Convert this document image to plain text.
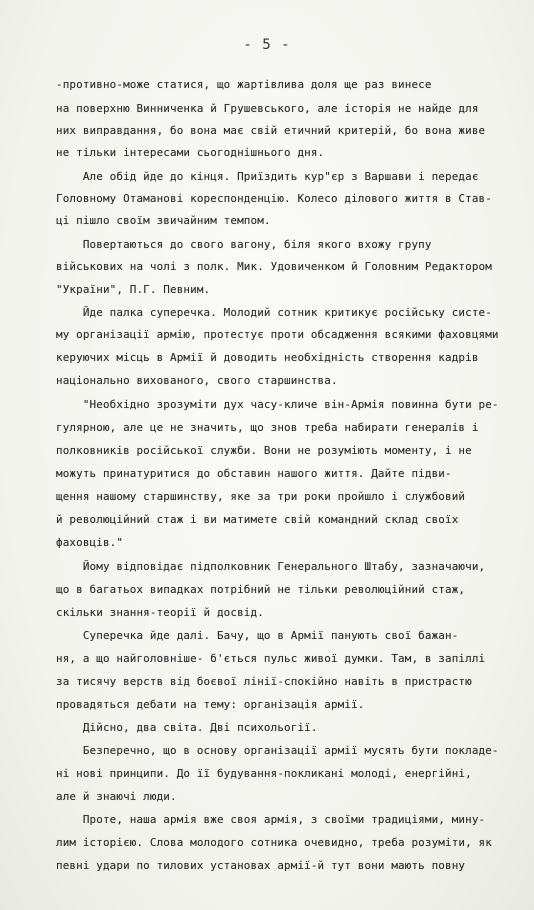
- 5 -
-противно-може статися, що жартівлива доля ще раз винесе
на поверхню Винниченка й Грушевського, але історія не найде для
них виправдання, бо вона має свій етичний критерій, бо вона живе
не тільки інтересами сьогоднішнього дня.
Але обід йде до кінця. Приїздить кур"єр з Варшави і передає
Головному Отаманові кореспонденцію. Колесо ділового життя в Став-
ці пішло своїм звичайним темпом.
Повертаються до свого вагону, біля якого вхожу групу
військових на чолі з полк. Мик. Удовиченком й Головним Редактором
"України", П.Г. Певним.
Йде палка суперечка. Молодий сотник критикує російську систе-
му організації армію, протестує проти обсадження всякими фаховцями
керуючих місць в Армії й доводить необхідність створення кадрів
національно вихованого, свого старшинства.
"Необхідно зрозуміти дух часу-кличе він-Армія повинна бути ре-
гулярною, але це не значить, що знов треба набирати генералів і
полковників російської служби. Вони не розуміють моменту, і не
можуть принатуритися до обставин нашого життя. Дайте підви-
щення нашому старшинству, яке за три роки пройшло і службовий
й революційний стаж і ви матимете свій командний склад своїх
фаховців."
Йому відповідає підполковник Генерального Штабу, зазначаючи,
що в багатьох випадках потрібний не тільки революційний стаж,
скільки знання-теорії й досвід.
Суперечка йде далі. Бачу, що в Армії панують свої бажан-
ня, а що найголовніше- б'ється пульс живої думки. Там, в запіллі
за тисячу верств від боєвої лінії-спокійно навіть в пристрастю
провадяться дебати на тему: організація армії.
Дійсно, два світа. Дві психольогії.
Безперечно, що в основу організації армії мусять бути покладе-
ні нові принципи. До її будування-покликані молоді, енергійні,
але й знаючі люди.
Проте, наша армія вже своя армія, з своїми традиціями, мину-
лим історією. Слова молодого сотника очевидно, треба розуміти, як
певні удари по тилових установах армії-й тут вони мають повну
